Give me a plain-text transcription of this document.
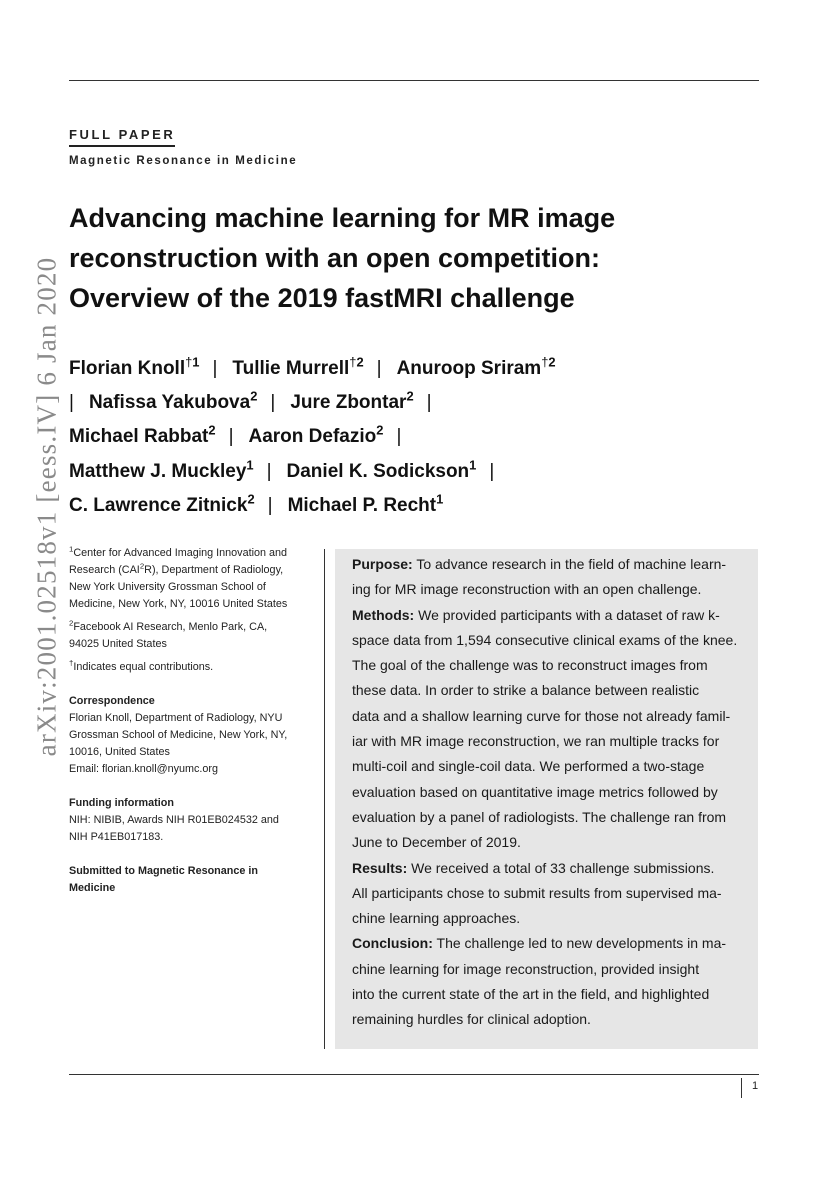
arXiv:2001.02518v1 [eess.IV] 6 Jan 2020
FULL PAPER
Magnetic Resonance in Medicine
Advancing machine learning for MR image
reconstruction with an open competition:
Overview of the 2019 fastMRI challenge
Florian Knoll$^{\dagger 1}$ | Tullie Murrell$^{\dagger 2}$ | Anuroop Sriram$^{\dagger 2}$
| Nafissa Yakubova$^2$ | Jure Zbontar$^2$ |
Michael Rabbat$^2$ | Aaron Defazio$^2$ |
Matthew J. Muckley$^1$ | Daniel K. Sodickson$^1$ |
C. Lawrence Zitnick$^2$ | Michael P. Recht$^1$

$^1$Center for Advanced Imaging Innovation and Research (CAI$^2$R), Department of Radiology, New York University Grossman School of Medicine, New York, NY, 10016 United States

$^2$Facebook AI Research, Menlo Park, CA, 94025 United States

†Indicates equal contributions.

Correspondence

Florian Knoll, Department of Radiology, NYU Grossman School of Medicine, New York, NY, 10016, United States

Email: florian.knoll@nyumc.org

Funding information

NIH: NIBIB, Awards NIH R01EB024532 and NIH P41EB017183.

Submitted to Magnetic Resonance in Medicine

Purpose: To advance research in the field of machine learn-
ing for MR image reconstruction with an open challenge.
Methods: We provided participants with a dataset of raw k-
space data from 1,594 consecutive clinical exams of the knee.
The goal of the challenge was to reconstruct images from
these data. In order to strike a balance between realistic
data and a shallow learning curve for those not already famil-
iar with MR image reconstruction, we ran multiple tracks for
multi-coil and single-coil data. We performed a two-stage
evaluation based on quantitative image metrics followed by
evaluation by a panel of radiologists. The challenge ran from
June to December of 2019.
Results: We received a total of 33 challenge submissions.
All participants chose to submit results from supervised ma-
chine learning approaches.
Conclusion: The challenge led to new developments in ma-
chine learning for image reconstruction, provided insight
into the current state of the art in the field, and highlighted
remaining hurdles for clinical adoption.
1
